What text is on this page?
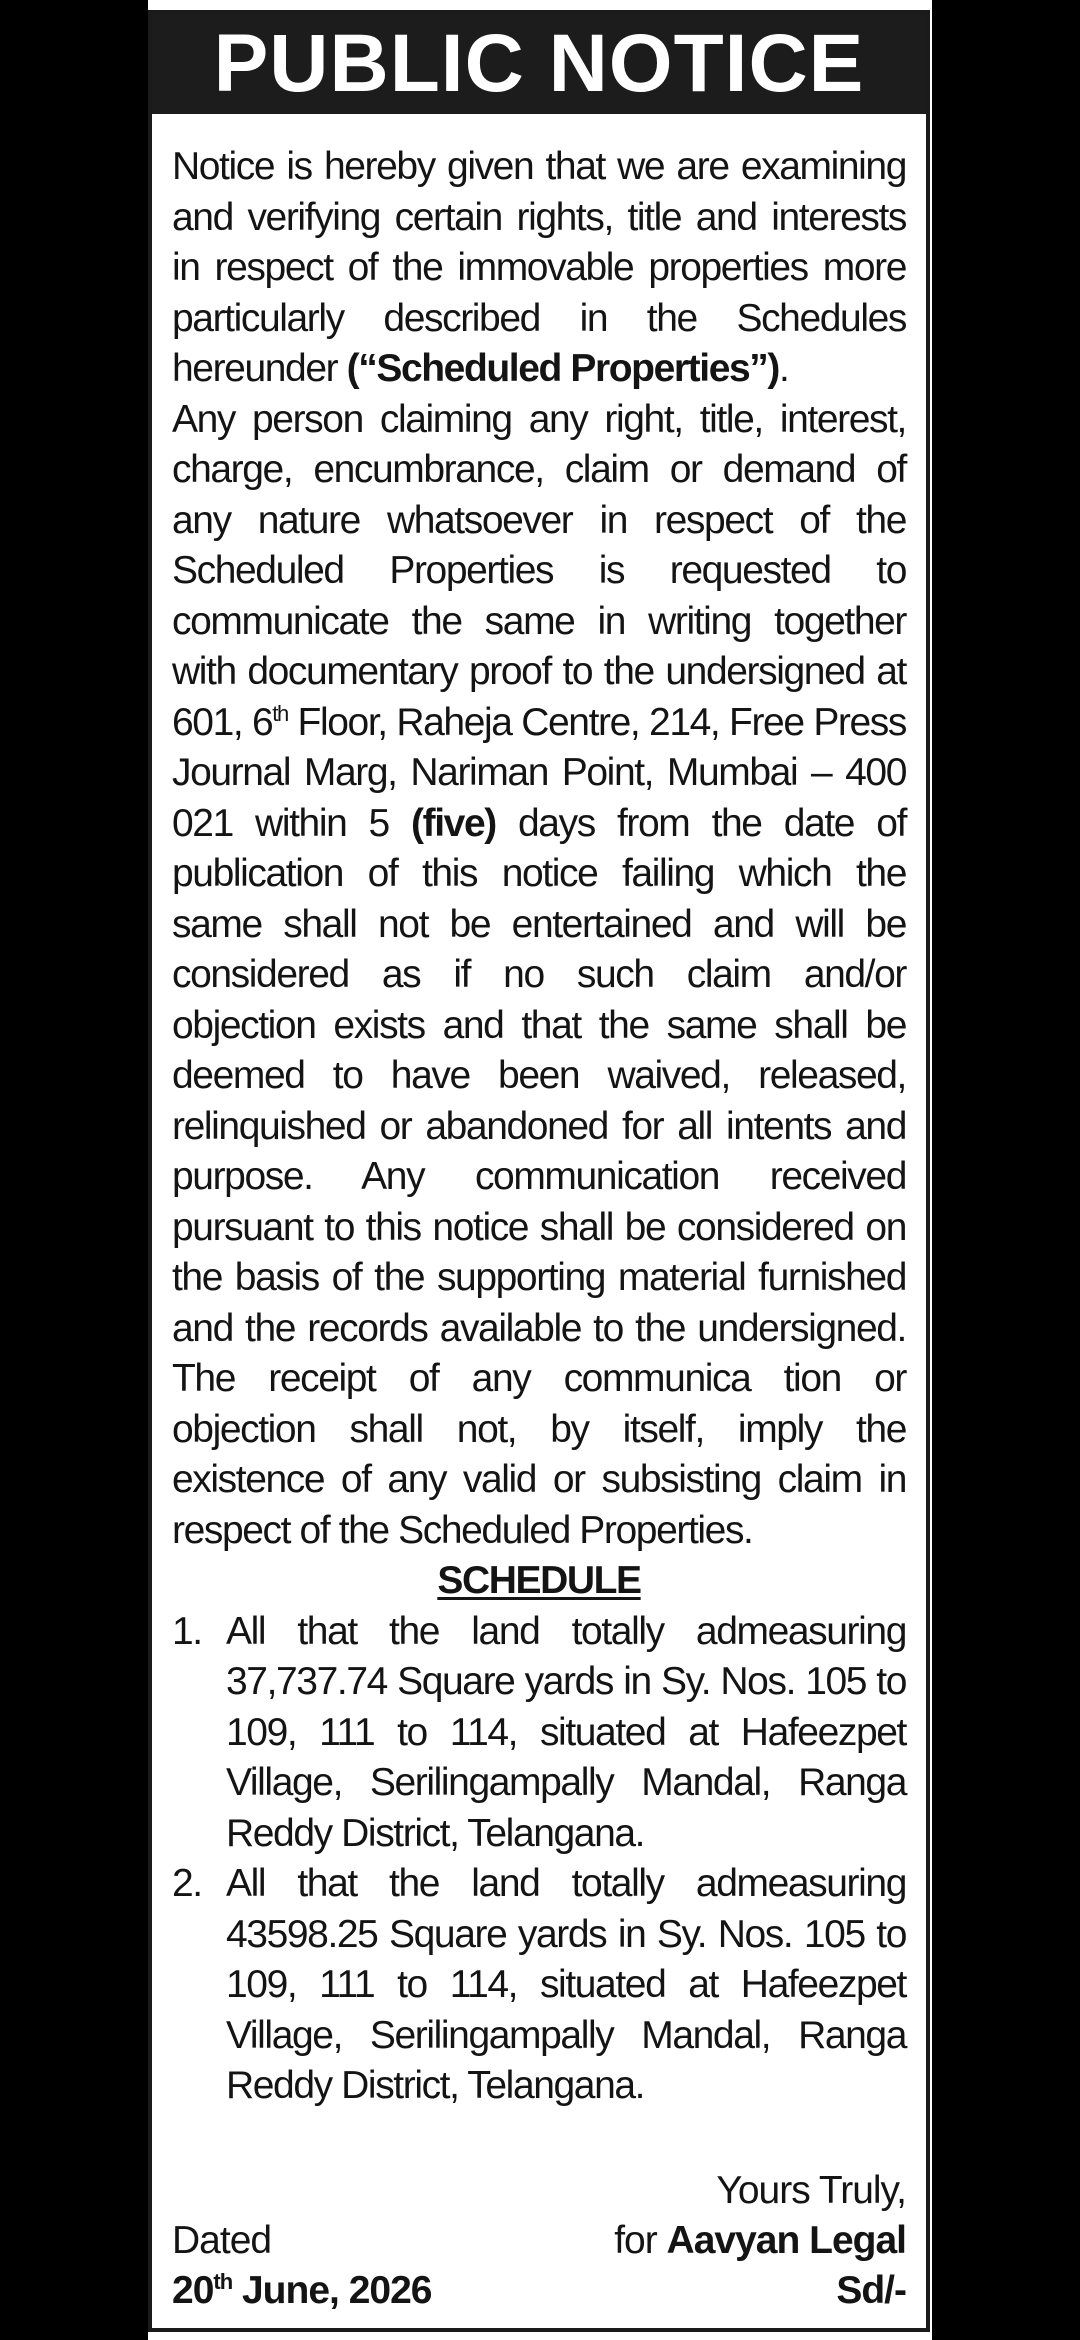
PUBLIC NOTICE

Notice is hereby given that we are examining and verifying certain rights, title and interests in respect of the immovable properties more particularly described in the Schedules hereunder (“Scheduled Properties”).

Any person claiming any right, title, interest, charge, encumbrance, claim or demand of any nature whatsoever in respect of the Scheduled Properties is requested to communicate the same in writing together with documentary proof to the undersigned at 601, 6th Floor, Raheja Centre, 214, Free Press Journal Marg, Nariman Point, Mumbai – 400 021 within 5 (five) days from the date of publication of this notice failing which the same shall not be entertained and will be considered as if no such claim and/or objection exists and that the same shall be deemed to have been waived, released, relinquished or abandoned for all intents and purpose. Any communication received pursuant to this notice shall be considered on the basis of the supporting material furnished and the records available to the undersigned. The receipt of any communica tion or objection shall not, by itself, imply the existence of any valid or subsisting claim in respect of the Scheduled Properties.

SCHEDULE

1. All that the land totally admeasuring 37,737.74 Square yards in Sy. Nos. 105 to 109, 111 to 114, situated at Hafeezpet Village, Serilingampally Mandal, Ranga Reddy District, Telangana.
2. All that the land totally admeasuring 43598.25 Square yards in Sy. Nos. 105 to 109, 111 to 114, situated at Hafeezpet Village, Serilingampally Mandal, Ranga Reddy District, Telangana.
Yours Truly,
for Aavyan Legal
Sd/-
Dated
20th June, 2026
